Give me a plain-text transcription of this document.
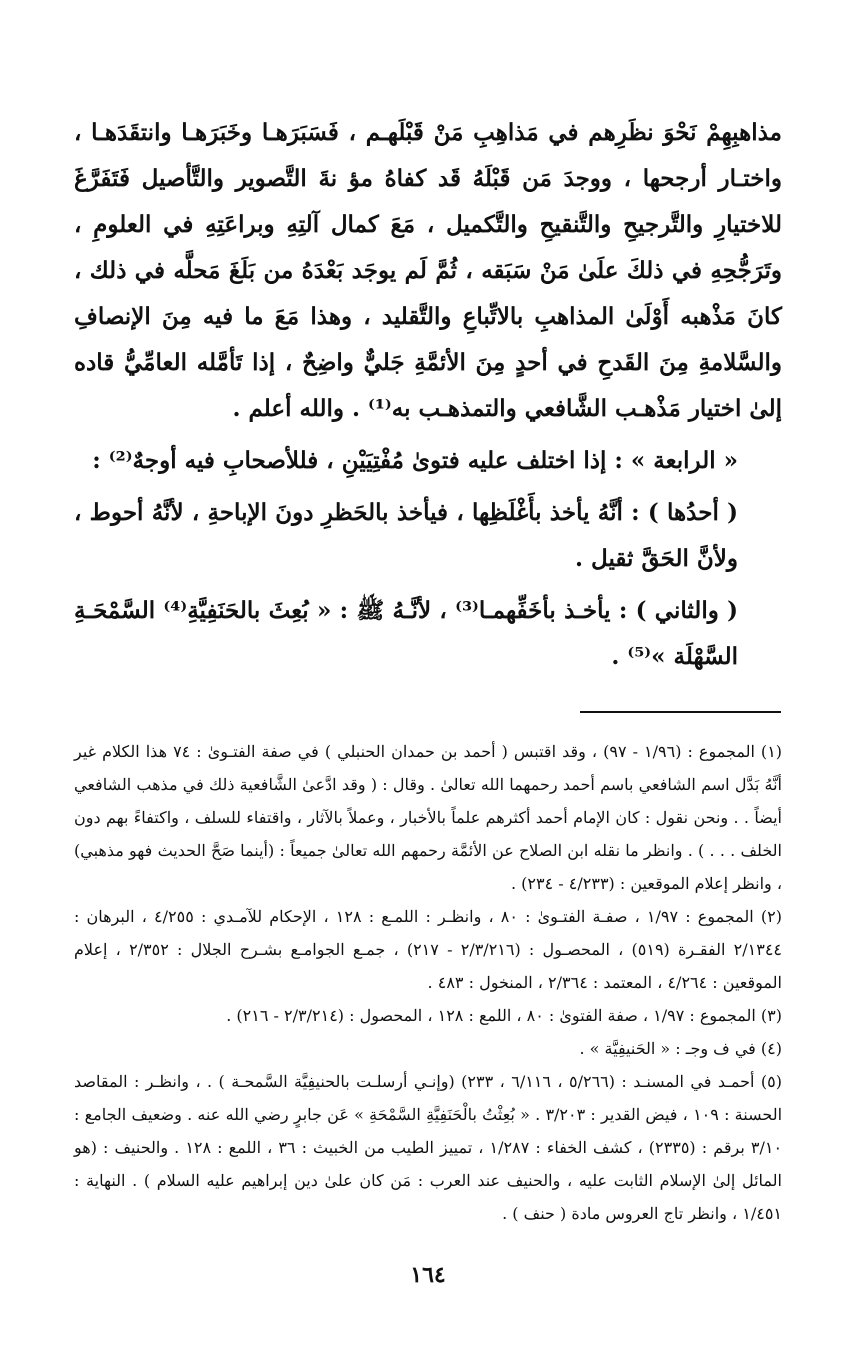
مذاهبِهِمْ نَحْوَ نظَرِهم في مَذاهِبِ مَنْ قَبْلَهـم ، فَسَبَرَهـا وخَبَرَهـا وانتقَدَهـا ، واختـار أرجحها ، ووجدَ مَن قَبْلَهُ قَد كفاهُ مؤ نةَ التَّصوير والتَّأصيل فَتَفَرَّغَ للاختيارِ والتَّرجيحِ والتَّنقيحِ والتَّكميل ، مَعَ كمال آلتِهِ وبراعَتِهِ في العلومِ ، وتَرَجُّحِهِ في ذلكَ علَىٰ مَنْ سَبَقه ، ثُمَّ لَم يوجَد بَعْدَهُ من بَلَغَ مَحلَّه في ذلك ، كانَ مَذْهبه أَوْلَىٰ المذاهبِ بالاتِّباعِ والتَّقليد ، وهذا مَعَ ما فيه مِنَ الإنصافِ والسَّلامةِ مِنَ القَدحِ في أحدٍ مِنَ الأئمَّةِ جَليٌّ واضِحٌ ، إذا تَأمَّله العامِّيُّ قاده إلىٰ اختيار مَذْهـب الشَّافعي والتمذهـب به⁽¹⁾ . والله أعلم .

« الرابعة » : إذا اختلف عليه فتوىٰ مُفْتِيَيْنِ ، فللأصحابِ فيه أوجهٌ⁽²⁾ :

( أحدُها ) : أنَّهُ يأخذ بأَغْلَظِها ، فيأخذ بالحَظرِ دونَ الإباحةِ ، لأنَّهُ أحوط ، ولأنَّ الحَقَّ ثقيل .

( والثاني ) : يأخـذ بأخَفِّهمـا⁽³⁾ ، لأنَّـهُ ﷺ : « بُعِثَ بالحَنَفِيَّةِ⁽⁴⁾ السَّمْحَـةِ السَّهْلَة »⁽⁵⁾ .

(١) المجموع : (١/٩٦ - ٩٧) ، وقد اقتبس ( أحمد بن حمدان الحنبلي ) في صفة الفتـوىٰ : ٧٤ هذا الكلام غير أنَّهُ بَدَّل اسم الشافعي باسم أحمد رحمهما الله تعالىٰ . وقال : ( وقد ادَّعىٰ الشَّافعية ذلك في مذهب الشافعي أيضاً . . ونحن نقول : كان الإمام أحمد أكثرهم علماً بالأخبار ، وعملاً بالآثار ، واقتفاء للسلف ، واكتفاءً بهم دون الخلف . . . ) . وانظر ما نقله ابن الصلاح عن الأئمَّة رحمهم الله تعالىٰ جميعاً : (أينما صَحَّ الحديث فهو مذهبي) ، وانظر إعلام الموقعين : (٤/٢٣٣ - ٢٣٤) .

(٢) المجموع : ١/٩٧ ، صفـة الفتـوىٰ : ٨٠ ، وانظـر : اللمـع : ١٢٨ ، الإحكام للآمـدي : ٤/٢٥٥ ، البرهان : ٢/١٣٤٤ الفقـرة (٥١٩) ، المحصـول : (٢/٣/٢١٦ - ٢١٧) ، جمـع الجوامـع بشـرح الجلال : ٢/٣٥٢ ، إعلام الموقعين : ٤/٢٦٤ ، المعتمد : ٢/٣٦٤ ، المنخول : ٤٨٣ .

(٣) المجموع : ١/٩٧ ، صفة الفتوىٰ : ٨٠ ، اللمع : ١٢٨ ، المحصول : (٢/٣/٢١٤ - ٢١٦) .

(٤) في ف وجـ : « الحَنيفِيَّة » .

(٥) أحمـد في المسنـد : (٥/٢٦٦ ، ٦/١١٦ ، ٢٣٣) (وإنـي أرسلـت بالحنيفِيَّة السَّمحـة ) . ، وانظـر : المقاصد الحسنة : ١٠٩ ، فيض القدير : ٣/٢٠٣ . « بُعِثْتُ بالْحَنَفِيَّةِ السَّمْحَةِ » عَن جابرٍ رضي الله عنه . وضعيف الجامع : ٣/١٠ برقم : (٢٣٣٥) ، كشف الخفاء : ١/٢٨٧ ، تمييز الطيب من الخبيث : ٣٦ ، اللمع : ١٢٨ . والحنيف : (هو المائل إلىٰ الإسلام الثابت عليه ، والحنيف عند العرب : مَن كان علىٰ دين إبراهيم عليه السلام ) . النهاية : ١/٤٥١ ، وانظر تاج العروس مادة ( حنف ) .

١٦٤
